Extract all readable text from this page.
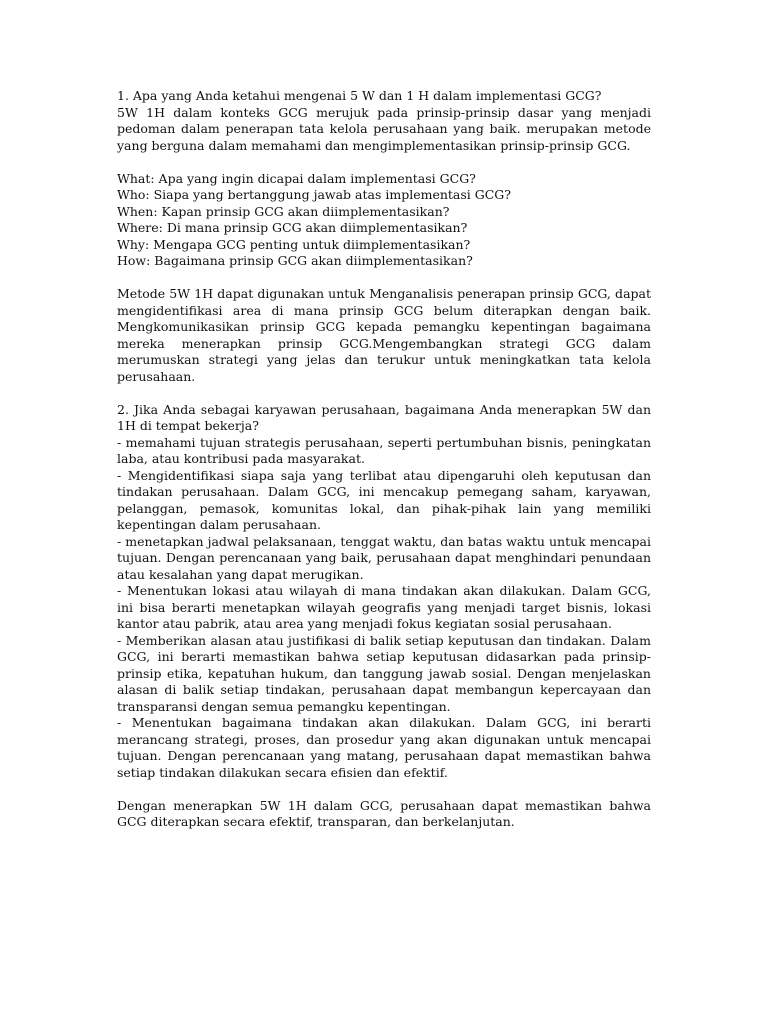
1. Apa yang Anda ketahui mengenai 5 W dan 1 H dalam implementasi GCG?

5W 1H dalam konteks GCG merujuk pada prinsip-prinsip dasar yang menjadi pedoman dalam penerapan tata kelola perusahaan yang baik. merupakan metode yang berguna dalam memahami dan mengimplementasikan prinsip-prinsip GCG.

What: Apa yang ingin dicapai dalam implementasi GCG?

Who: Siapa yang bertanggung jawab atas implementasi GCG?

When: Kapan prinsip GCG akan diimplementasikan?

Where: Di mana prinsip GCG akan diimplementasikan?

Why: Mengapa GCG penting untuk diimplementasikan?

How: Bagaimana prinsip GCG akan diimplementasikan?

Metode 5W 1H dapat digunakan untuk Menganalisis penerapan prinsip GCG, dapat mengidentifikasi area di mana prinsip GCG belum diterapkan dengan baik. Mengkomunikasikan prinsip GCG kepada pemangku kepentingan bagaimana mereka menerapkan prinsip GCG.Mengembangkan strategi GCG dalam merumuskan strategi yang jelas dan terukur untuk meningkatkan tata kelola perusahaan.

2. Jika Anda sebagai karyawan perusahaan, bagaimana Anda menerapkan 5W dan 1H di tempat bekerja?

- memahami tujuan strategis perusahaan, seperti pertumbuhan bisnis, peningkatan laba, atau kontribusi pada masyarakat.

- Mengidentifikasi siapa saja yang terlibat atau dipengaruhi oleh keputusan dan tindakan perusahaan. Dalam GCG, ini mencakup pemegang saham, karyawan, pelanggan, pemasok, komunitas lokal, dan pihak-pihak lain yang memiliki kepentingan dalam perusahaan.

- menetapkan jadwal pelaksanaan, tenggat waktu, dan batas waktu untuk mencapai tujuan. Dengan perencanaan yang baik, perusahaan dapat menghindari penundaan atau kesalahan yang dapat merugikan.

- Menentukan lokasi atau wilayah di mana tindakan akan dilakukan. Dalam GCG, ini bisa berarti menetapkan wilayah geografis yang menjadi target bisnis, lokasi kantor atau pabrik, atau area yang menjadi fokus kegiatan sosial perusahaan.

- Memberikan alasan atau justifikasi di balik setiap keputusan dan tindakan. Dalam GCG, ini berarti memastikan bahwa setiap keputusan didasarkan pada prinsip-prinsip etika, kepatuhan hukum, dan tanggung jawab sosial. Dengan menjelaskan alasan di balik setiap tindakan, perusahaan dapat membangun kepercayaan dan transparansi dengan semua pemangku kepentingan.

- Menentukan bagaimana tindakan akan dilakukan. Dalam GCG, ini berarti merancang strategi, proses, dan prosedur yang akan digunakan untuk mencapai tujuan. Dengan perencanaan yang matang, perusahaan dapat memastikan bahwa setiap tindakan dilakukan secara efisien dan efektif.

Dengan menerapkan 5W 1H dalam GCG, perusahaan dapat memastikan bahwa GCG diterapkan secara efektif, transparan, dan berkelanjutan.
